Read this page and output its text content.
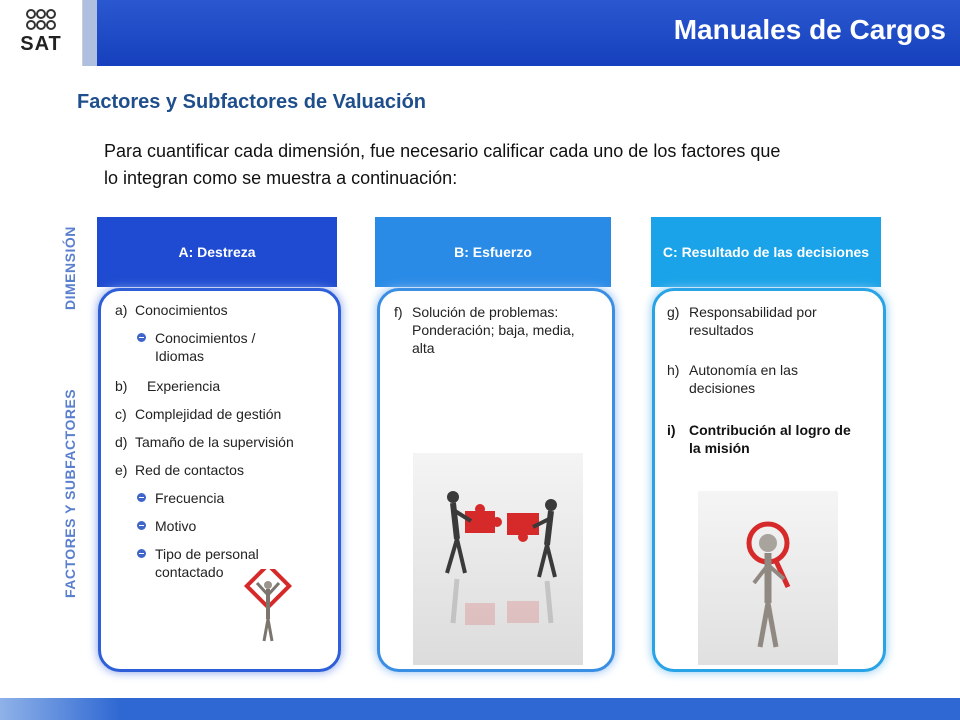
SAT	Manuales de Cargos
Factores y Subfactores de Valuación
Para cuantificar cada dimensión, fue necesario calificar cada uno de los factores que
lo integran como se muestra a continuación:
DIMENSIÓN
FACTORES Y SUBFACTORES
A: Destreza	B: Esfuerzo	C: Resultado de las decisiones
a) Conocimientos
Conocimientos /
Idiomas
b) Experiencia
c) Complejidad de gestión
d) Tamaño de la supervisión
e) Red de contactos
Frecuencia
Motivo
Tipo de personal
contactado
f) Solución de problemas:
Ponderación; baja, media,
alta
g) Responsabilidad por
resultados
h) Autonomía en las
decisiones
i) Contribución al logro de
la misión
